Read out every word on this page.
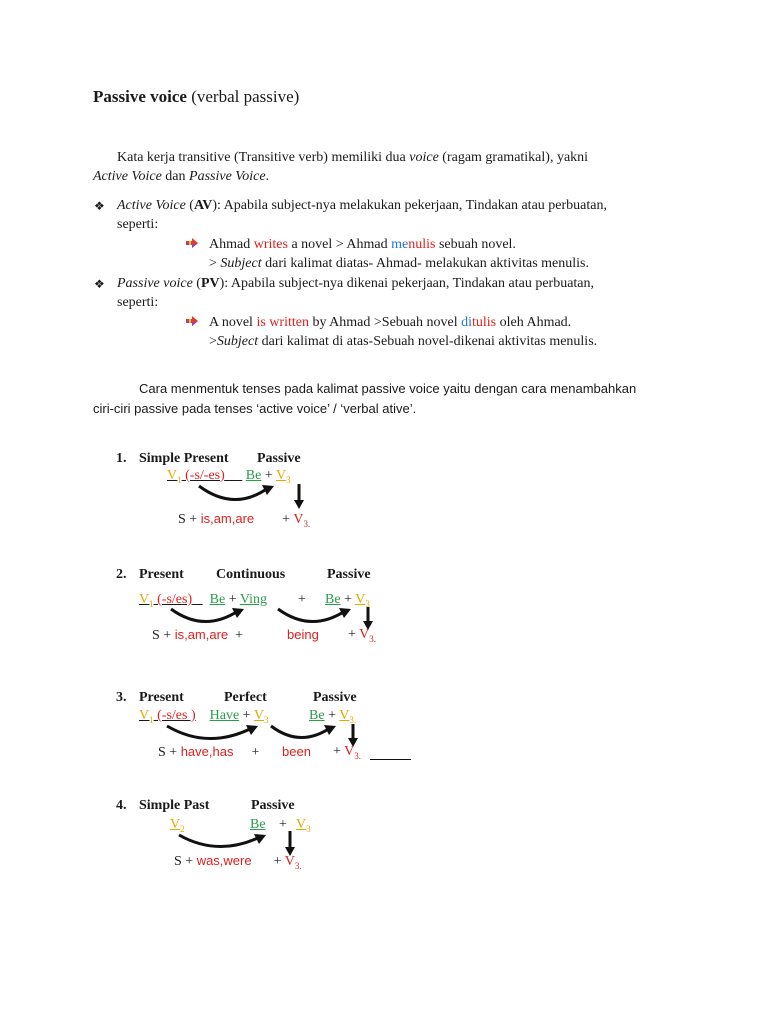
Passive voice (verbal passive)
Kata kerja transitive (Transitive verb) memiliki dua voice (ragam gramatikal), yakni
Active Voice dan Passive Voice.
❖ Active Voice (AV): Apabila subject-nya melakukan pekerjaan, Tindakan atau perbuatan,
seperti:
Ahmad writes a novel > Ahmad menulis sebuah novel.
> Subject dari kalimat diatas- Ahmad- melakukan aktivitas menulis.
❖ Passive voice (PV): Apabila subject-nya dikenai pekerjaan, Tindakan atau perbuatan,
seperti:
A novel is written by Ahmad >Sebuah novel ditulis oleh Ahmad.
>Subject dari kalimat di atas-Sebuah novel-dikenai aktivitas menulis.
Cara menmentuk tenses pada kalimat passive voice yaitu dengan cara menambahkan
ciri-ciri passive pada tenses ‘active voice’ / ‘verbal ative’.
1. Simple Present Passive
$V_1$ (-s/-es) $Be + V_3$
$S + is,am,are + V_{3.}$
2. Present Continuous	Passive
$V_1$ (-s/es) Be + Ving + $Be + V_3$
S + is,am,are +	being + $V_{3.}$
3. Present	Perfect	Passive
$V_1$ (-s/es ) Have + $V_3$	$Be + V_{3.}$
S + have,has + been + $V_{3.}$
4. Simple Past	Passive
$V_2$	$Be + V_3$
S + was,were + $V_{3.}$
